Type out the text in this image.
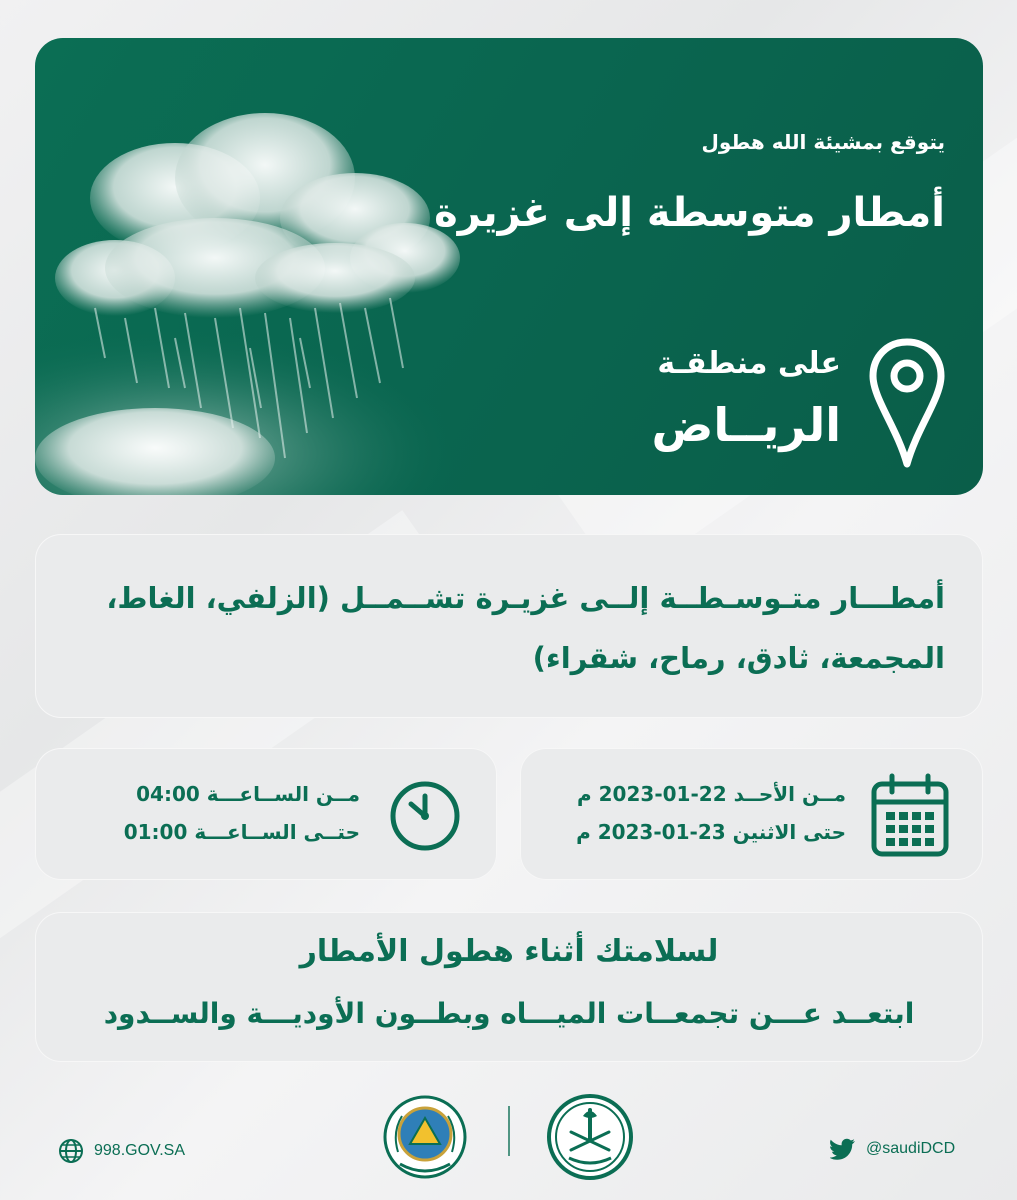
يتوقع بمشيئة الله هطول
أمطار متوسطة إلى غزيرة
على منطقـة
الريــاض
أمطـــار متـوسـطــة إلــى غزيـرة تشــمــل (الزلفي، الغاط، المجمعة، ثادق، رماح، شقراء)
مــن الســاعـــة 04:00
حتــى الســاعـــة 01:00
مــن الأحــد 22-01-2023 م
حتى الاثنين 23-01-2023 م
لسلامتك أثناء هطول الأمطار
ابتعــد عـــن تجمعــات الميـــاه وبطــون الأوديـــة والســدود
998.GOV.SA	@saudiDCD
